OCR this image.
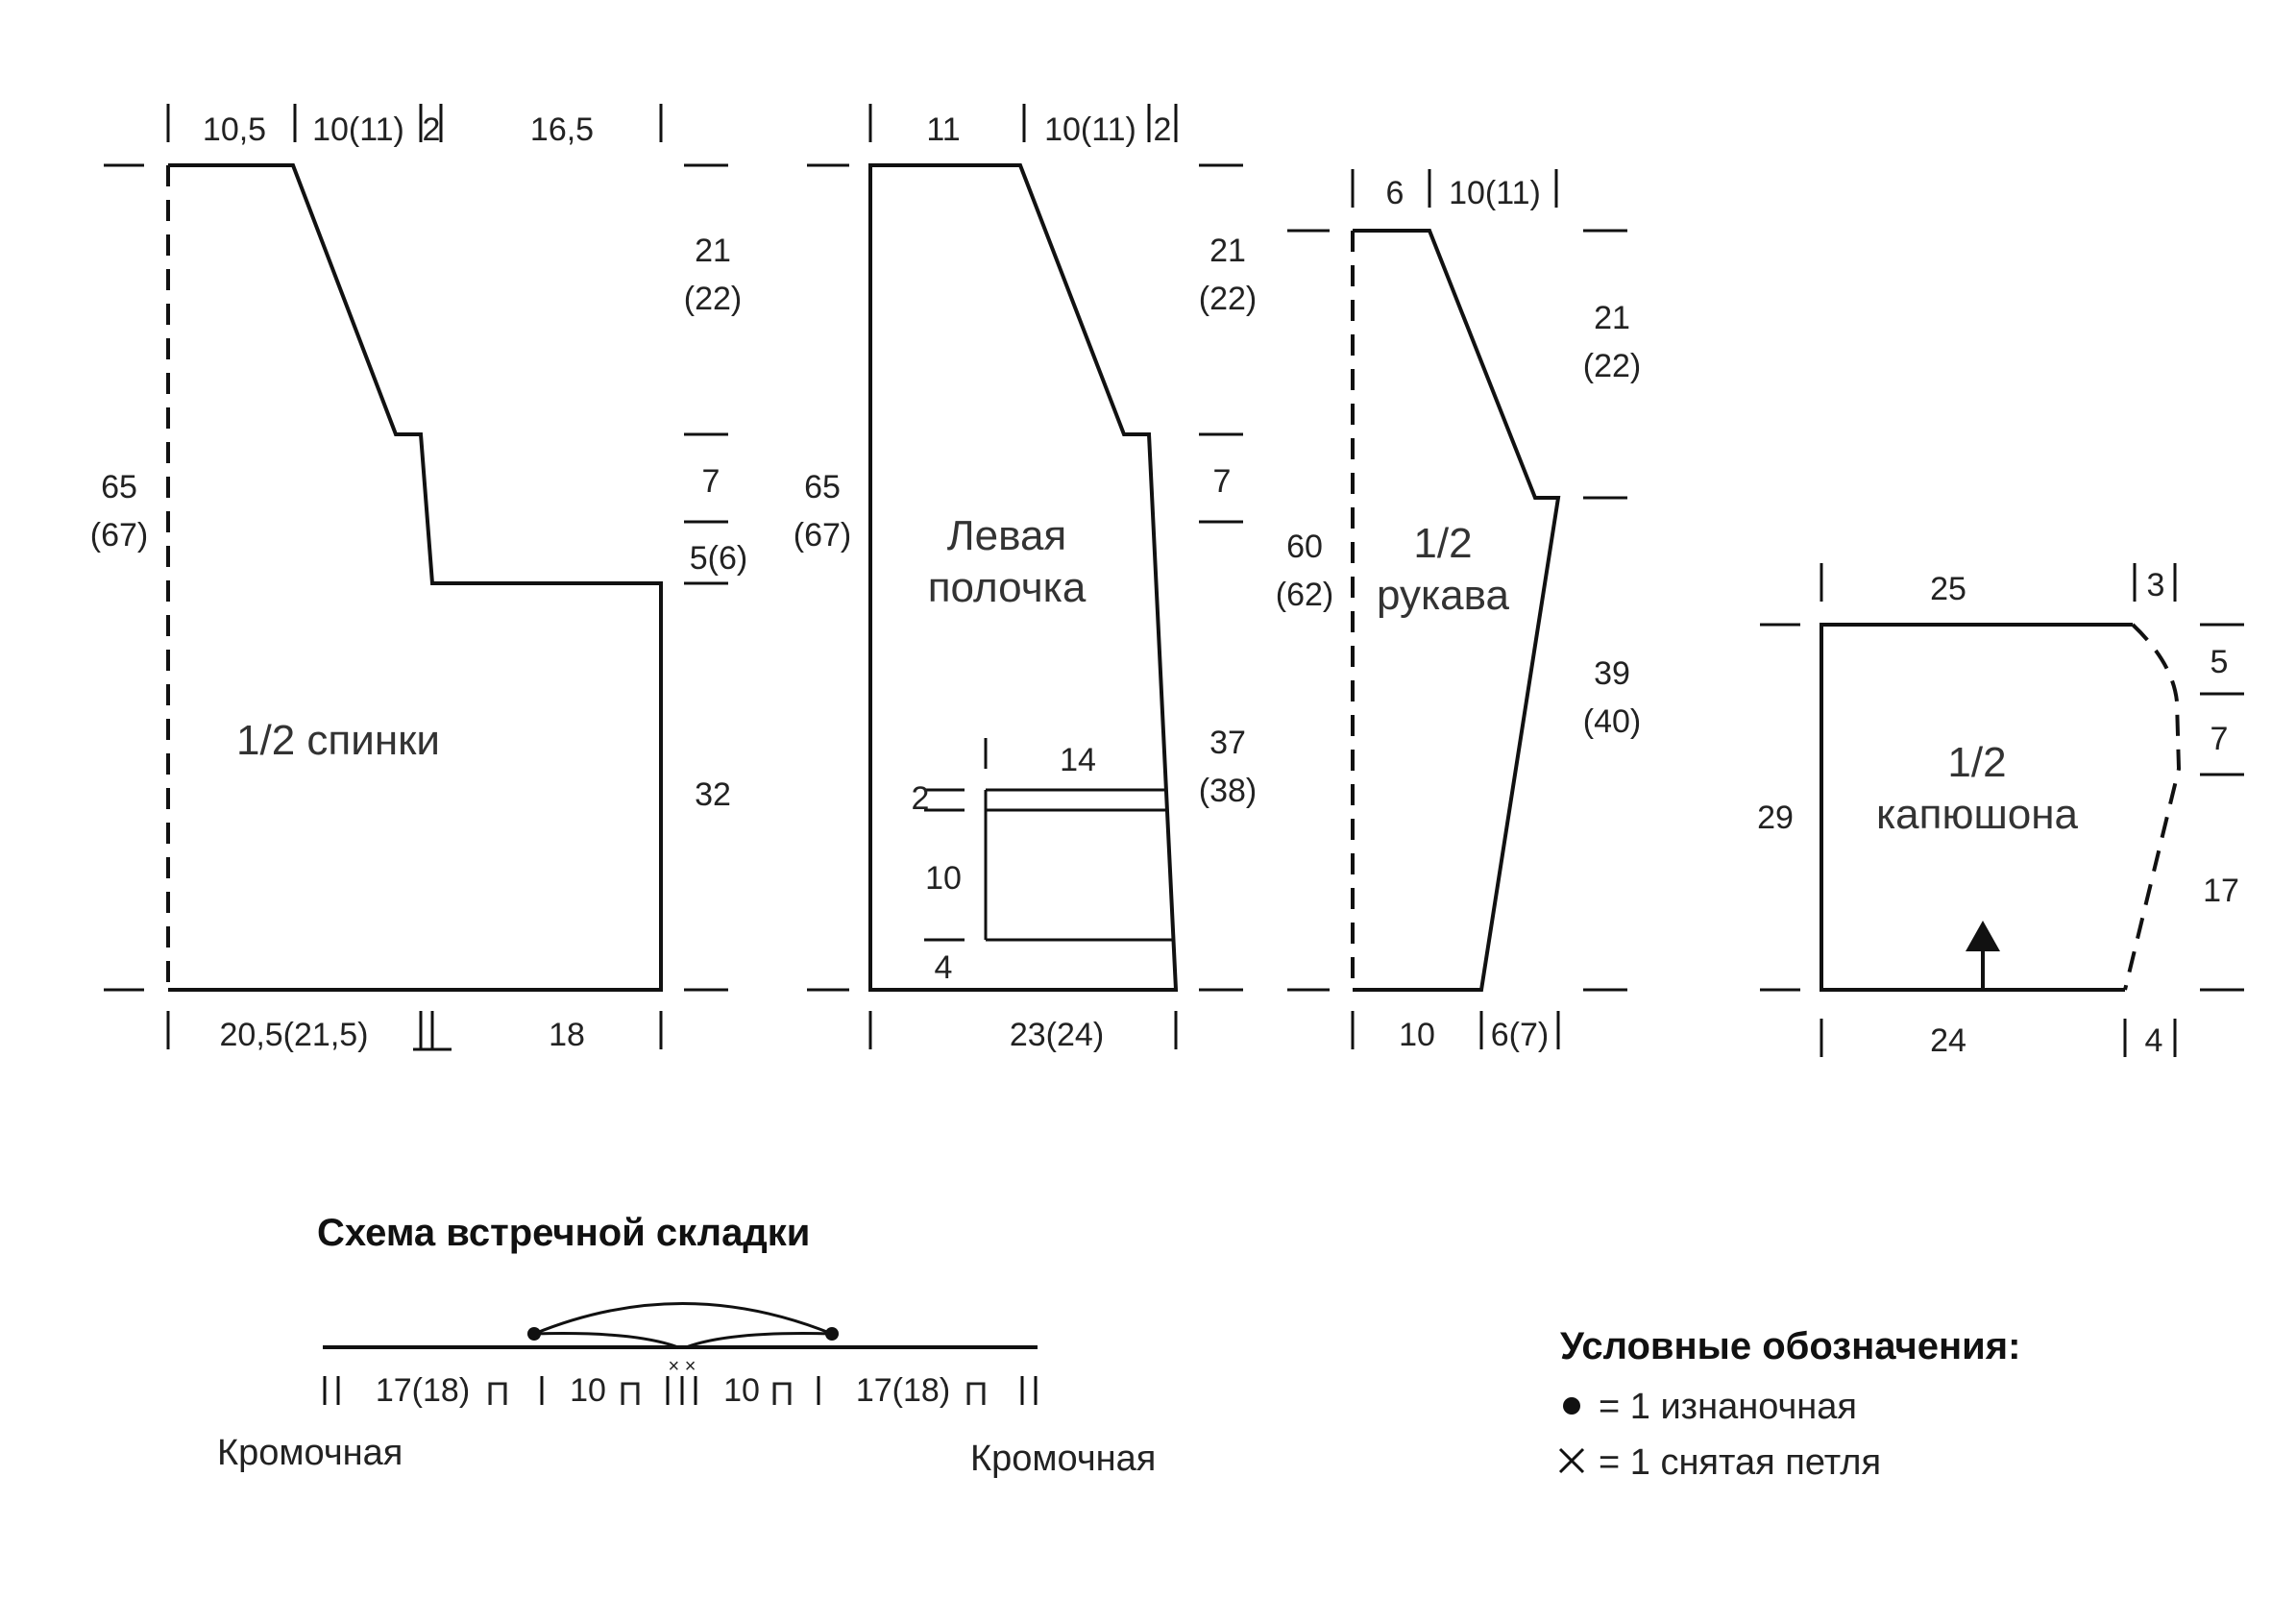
10,5 10(11) 2	16,5
65
(67)
21
(22)
7
5(6)
32
20,5(21,5)	18
1/2 спинки
11	10(11) 2
65
(67)
21
(22)
7
37
(38)
23(24)
14
2
10
4
Левая
полочка
6 10(11)
60
(62)
21
(22)
39
(40)
10 6(7)
1/2
рукава	25	3
29
5
7
17
24	4
1/2
капюшона
Схема встречной складки
× ×
17(18) П 10 П 10 П 17(18) П
Кромочная	Кромочная
Условные обозначения:
= 1 изнаночная
= 1 снятая петля
